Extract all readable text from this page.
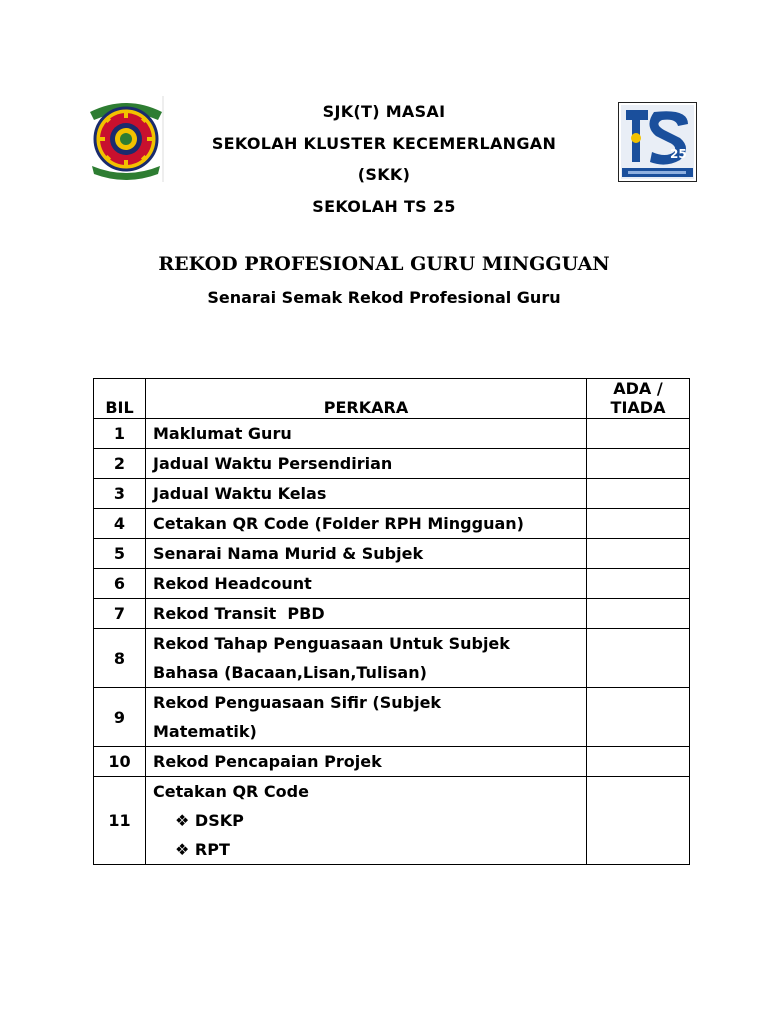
SJK(T) MASAI
SEKOLAH KLUSTER KECEMERLANGAN
(SKK)
SEKOLAH TS 25
25
REKOD PROFESIONAL GURU MINGGUAN
Senarai Semak Rekod Profesional Guru
BIL	PERKARA	ADA /
TIADA
1	Maklumat Guru	
2	Jadual Waktu Persendirian	
3	Jadual Waktu Kelas	
4	Cetakan QR Code (Folder RPH Mingguan)	
5	Senarai Nama Murid & Subjek	
6	Rekod Headcount	
7	Rekod Transit  PBD	
8	Rekod Tahap Penguasaan Untuk Subjek
Bahasa (Bacaan,Lisan,Tulisan)	

9	Rekod Penguasaan Sifir (Subjek
Matematik)	

10	Rekod Pencapaian Projek	
11	Cetakan QR Code
❖ DSKP
❖ RPT	
